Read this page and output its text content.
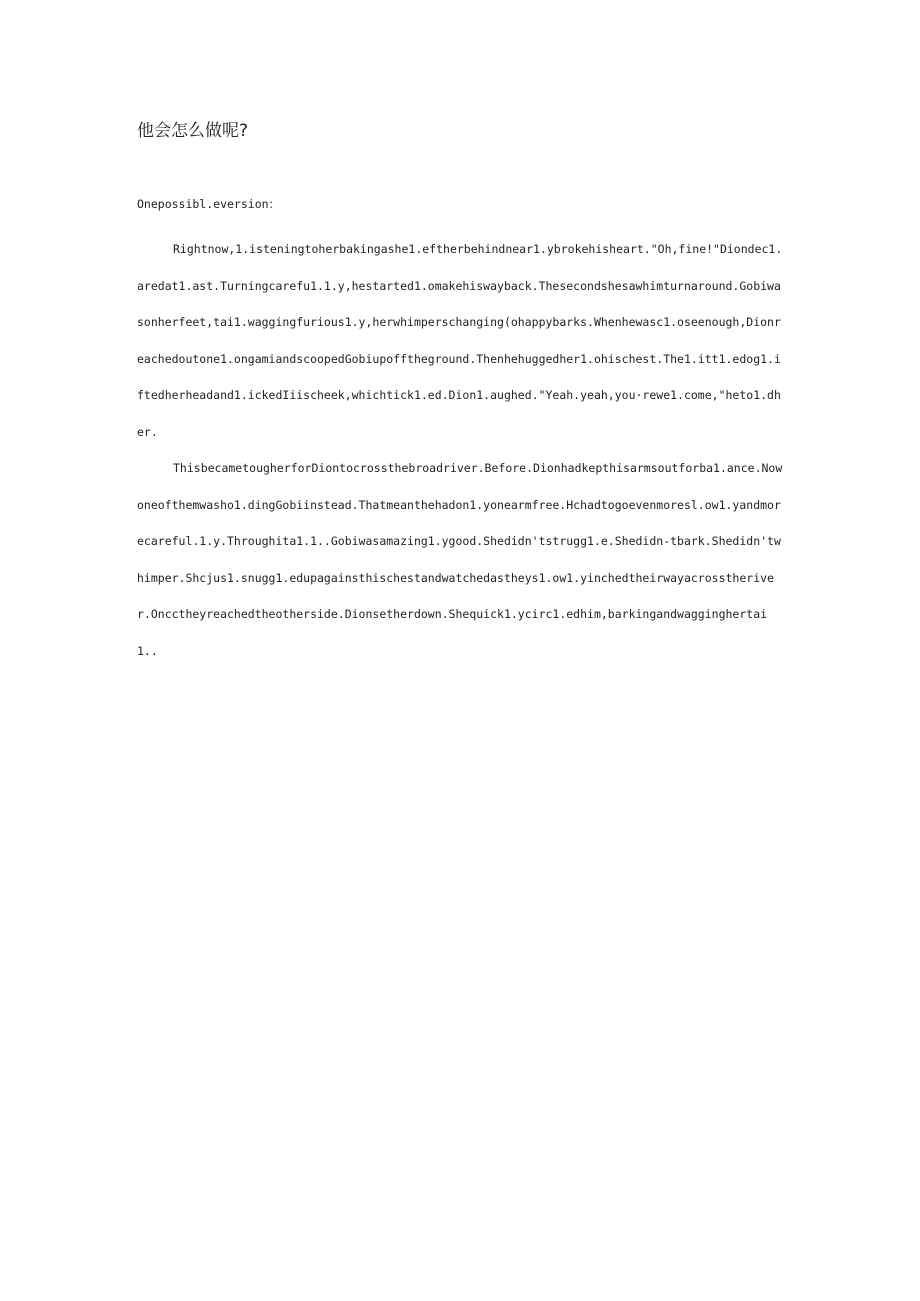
他会怎么做呢?

Onepossibl.eversion：

Rightnow,1.isteningtoherbakingashe1.eftherbehindnear1.ybrokehisheart."Oh,fine!"Diondec1.aredat1.ast.Turningcarefu1.1.y,hestarted1.omakehiswayback.Thesecondshesawhimturnaround.Gobiwasonherfeet,tai1.waggingfurious1.y,herwhimperschanging(ohappybarks.Whenhewasc1.oseenough,Dionreachedoutone1.ongamiandscoopedGobiupofftheground.Thenhehuggedher1.ohischest.The1.itt1.edog1.iftedherheadand1.ickedIiischeek,whichtick1.ed.Dion1.aughed."Yeah.yeah,you·rewe1.come,"heto1.dher.

ThisbecametougherforDiontocrossthebroadriver.Before.Dionhadkepthisarmsoutforba1.ance.Nowoneofthemwasho1.dingGobiinstead.Thatmeanthehadon1.yonearmfree.Hchadtogoevenmoresl.ow1.yandmorecareful.1.y.Throughita1.1..Gobiwasamazing1.ygood.Shedidn'tstrugg1.e.Shedidn-tbark.Shedidn'twhimper.Shcjus1.snugg1.edupagainsthischestandwatchedastheys1.ow1.yinchedtheirwayacrosstheriver.Oncctheyreachedtheotherside.Dionsetherdown.Shequick1.ycirc1.edhim,barkingandwagginghertai1..
